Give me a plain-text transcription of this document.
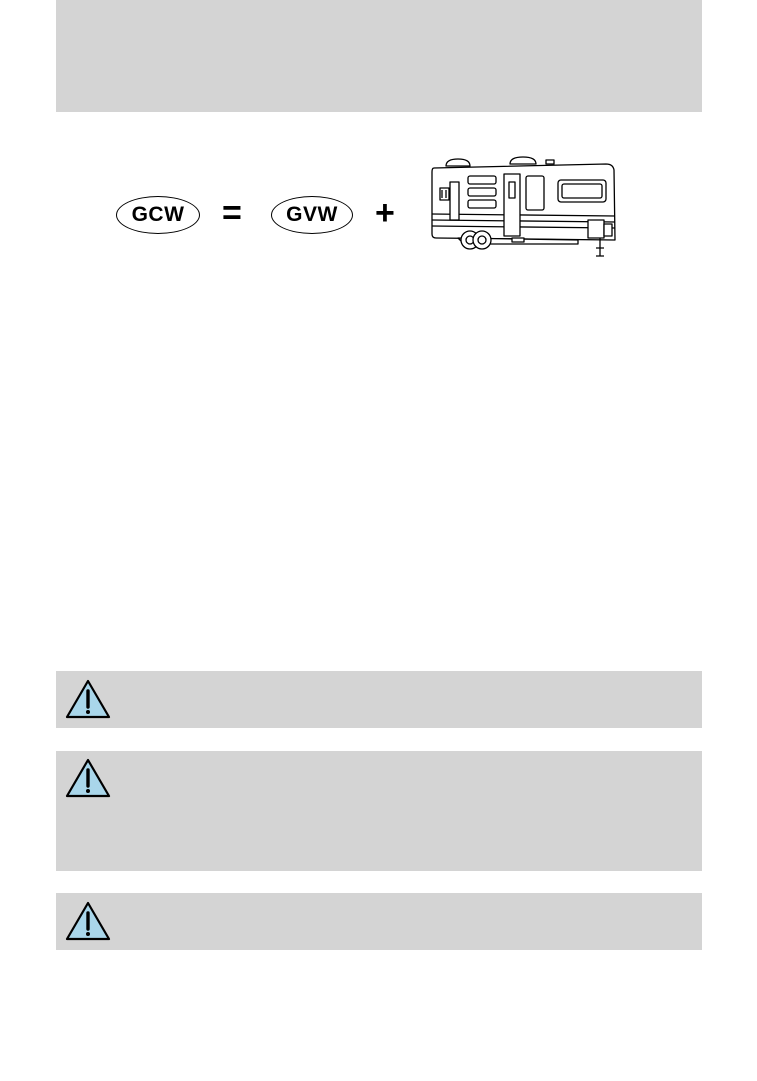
GCW	=	GVW	+
